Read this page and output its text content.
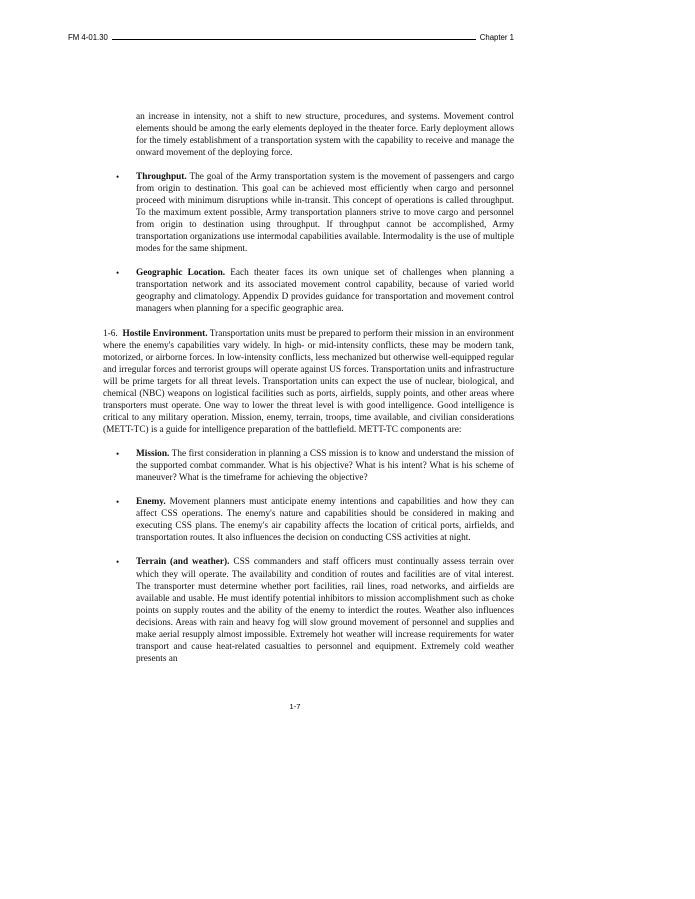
FM 4-01.30	Chapter 1

an increase in intensity, not a shift to new structure, procedures, and systems. Movement control elements should be among the early elements deployed in the theater force. Early deployment allows for the timely establishment of a transportation system with the capability to receive and manage the onward movement of the deploying force.

•	Throughput. The goal of the Army transportation system is the movement of passengers and cargo from origin to destination. This goal can be achieved most efficiently when cargo and personnel proceed with minimum disruptions while in-transit. This concept of operations is called throughput. To the maximum extent possible, Army transportation planners strive to move cargo and personnel from origin to destination using throughput. If throughput cannot be accomplished, Army transportation organizations use intermodal capabilities available. Intermodality is the use of multiple modes for the same shipment.

•	Geographic Location. Each theater faces its own unique set of challenges when planning a transportation network and its associated movement control capability, because of varied world geography and climatology. Appendix D provides guidance for transportation and movement control managers when planning for a specific geographic area.

1-6. Hostile Environment. Transportation units must be prepared to perform their mission in an environment where the enemy's capabilities vary widely. In high- or mid-intensity conflicts, these may be modern tank, motorized, or airborne forces. In low-intensity conflicts, less mechanized but otherwise well-equipped regular and irregular forces and terrorist groups will operate against US forces. Transportation units and infrastructure will be prime targets for all threat levels. Transportation units can expect the use of nuclear, biological, and chemical (NBC) weapons on logistical facilities such as ports, airfields, supply points, and other areas where transporters must operate. One way to lower the threat level is with good intelligence. Good intelligence is critical to any military operation. Mission, enemy, terrain, troops, time available, and civilian considerations (METT-TC) is a guide for intelligence preparation of the battlefield. METT-TC components are:

•	Mission. The first consideration in planning a CSS mission is to know and understand the mission of the supported combat commander. What is his objective? What is his intent? What is his scheme of maneuver? What is the timeframe for achieving the objective?

•	Enemy. Movement planners must anticipate enemy intentions and capabilities and how they can affect CSS operations. The enemy's nature and capabilities should be considered in making and executing CSS plans. The enemy's air capability affects the location of critical ports, airfields, and transportation routes. It also influences the decision on conducting CSS activities at night.

•	Terrain (and weather). CSS commanders and staff officers must continually assess terrain over which they will operate. The availability and condition of routes and facilities are of vital interest. The transporter must determine whether port facilities, rail lines, road networks, and airfields are available and usable. He must identify potential inhibitors to mission accomplishment such as choke points on supply routes and the ability of the enemy to interdict the routes. Weather also influences decisions. Areas with rain and heavy fog will slow ground movement of personnel and supplies and make aerial resupply almost impossible. Extremely hot weather will increase requirements for water transport and cause heat-related casualties to personnel and equipment. Extremely cold weather presents an

1-7
